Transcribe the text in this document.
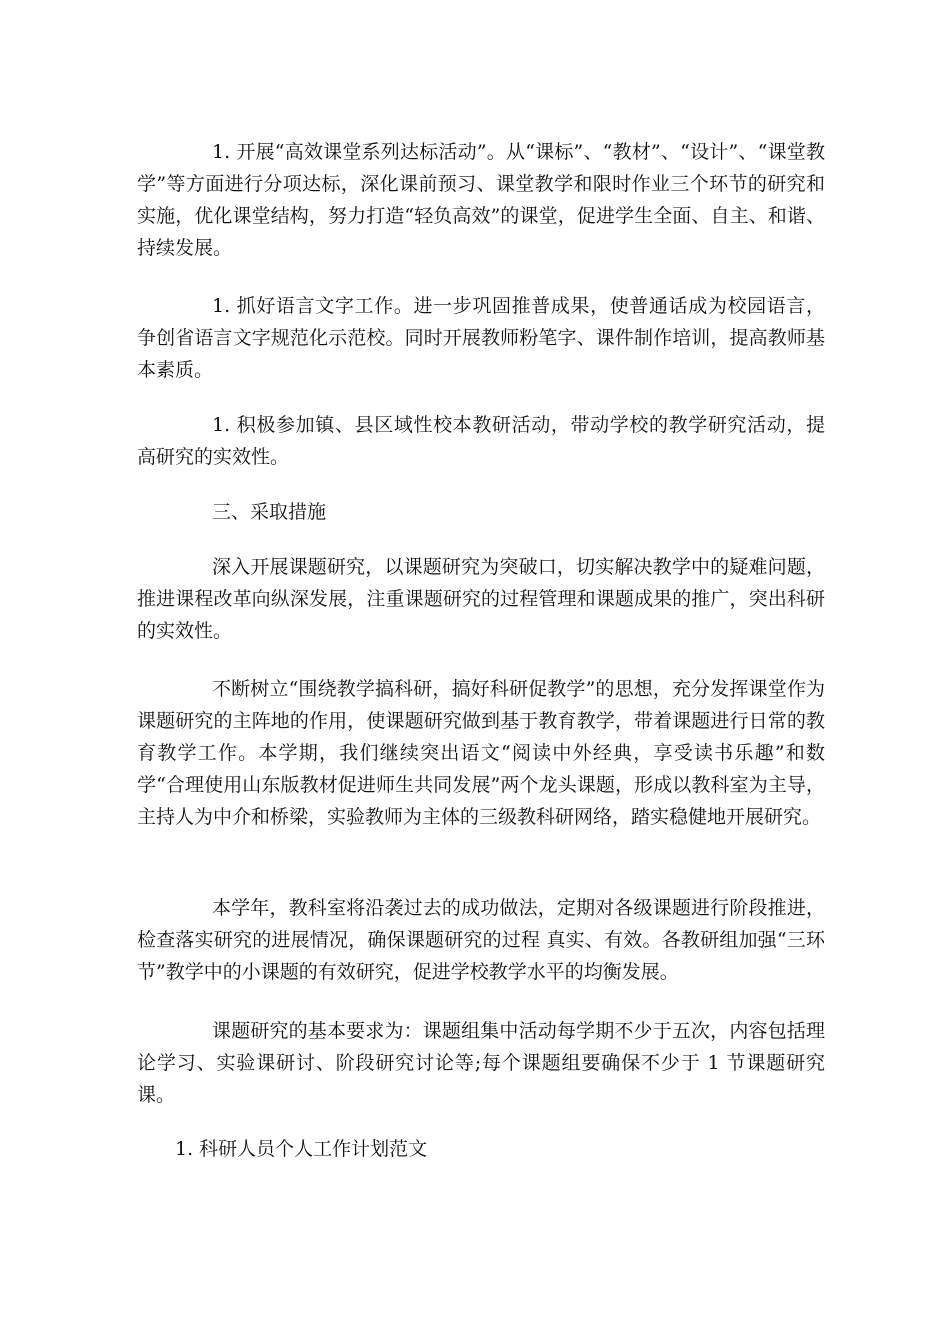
1. 开展“高效课堂系列达标活动”。从“课标”、“教材”、“设计”、“课堂教学”等方面进行分项达标，深化课前预习、课堂教学和限时作业三个环节的研究和实施，优化课堂结构，努力打造“轻负高效”的课堂，促进学生全面、自主、和谐、持续发展。

1. 抓好语言文字工作。进一步巩固推普成果，使普通话成为校园语言，争创省语言文字规范化示范校。同时开展教师粉笔字、课件制作培训，提高教师基本素质。

1. 积极参加镇、县区域性校本教研活动，带动学校的教学研究活动，提高研究的实效性。

三、采取措施

深入开展课题研究，以课题研究为突破口，切实解决教学中的疑难问题，推进课程改革向纵深发展，注重课题研究的过程管理和课题成果的推广，突出科研的实效性。

不断树立“围绕教学搞科研，搞好科研促教学”的思想，充分发挥课堂作为课题研究的主阵地的作用，使课题研究做到基于教育教学，带着课题进行日常的教育教学工作。本学期，我们继续突出语文“阅读中外经典，享受读书乐趣”和数学“合理使用山东版教材促进师生共同发展”两个龙头课题，形成以教科室为主导，主持人为中介和桥梁，实验教师为主体的三级教科研网络，踏实稳健地开展研究。

本学年，教科室将沿袭过去的成功做法，定期对各级课题进行阶段推进，检查落实研究的进展情况，确保课题研究的过程 真实、有效。各教研组加强“三环节”教学中的小课题的有效研究，促进学校教学水平的均衡发展。

课题研究的基本要求为：课题组集中活动每学期不少于五次，内容包括理论学习、实验课研讨、阶段研究讨论等;每个课题组要确保不少于 1 节课题研究课。

1. 科研人员个人工作计划范文
